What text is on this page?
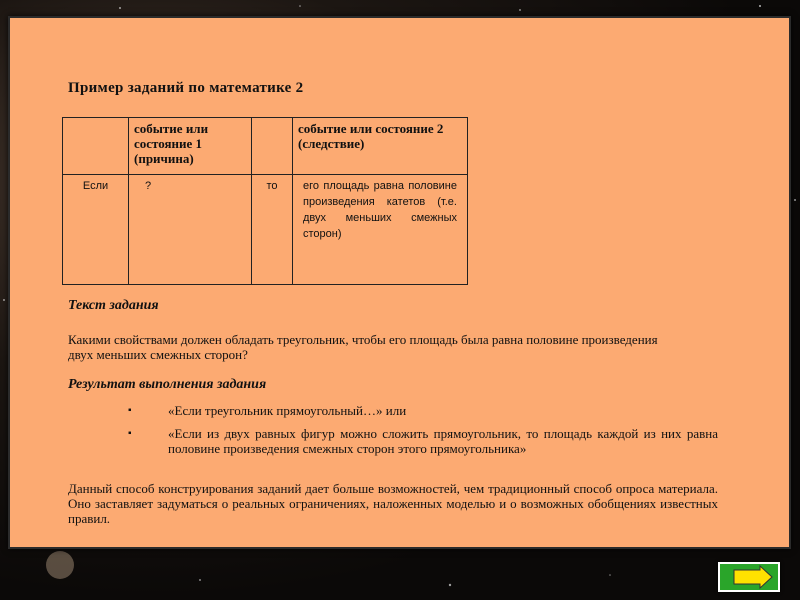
Пример заданий по математике 2
	событие или состояние 1 (причина)		событие или состояние 2 (следствие)
Если	?	то	его площадь равна половине произведения катетов (т.е. двух меньших смежных сторон)
Текст задания
Какими свойствами должен обладать треугольник, чтобы его площадь была равна половине произведения двух меньших смежных сторон?
Результат выполнения задания
▪	«Если треугольник прямоугольный…» или
▪	«Если из двух равных фигур можно сложить прямоугольник, то площадь каждой из них равна половине произведения смежных сторон этого прямоугольника»
Данный способ конструирования заданий дает больше возможностей, чем традиционный способ опроса материала. Оно заставляет задуматься о реальных ограничениях, наложенных моделью и о возможных обобщениях известных правил.
